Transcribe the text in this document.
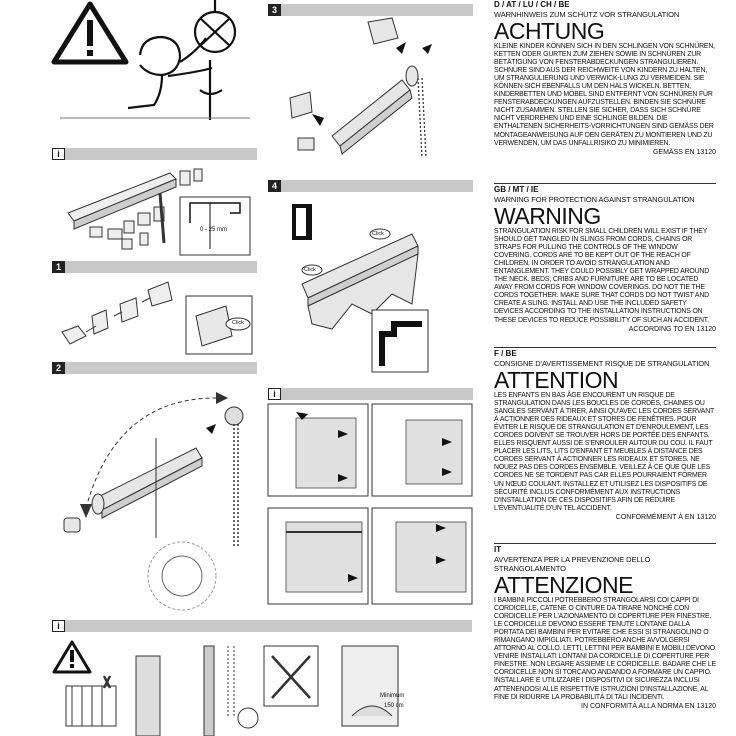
i
0 - 25 mm
1
Click
2
3
4
Click
Click
i
i
Minimum
150 cm
D / AT / LU / CH / BE
WARNHINWEIS ZUM SCHUTZ VOR STRANGULATION
ACHTUNG
KLEINE KINDER KÖNNEN SICH IN DEN SCHLINGEN VON SCHNÜREN, KETTEN ODER GURTEN ZUM ZIEHEN SOWIE IN SCHNÜREN ZUR BETÄTIGUNG VON FENSTERABDECKUNGEN STRANGULIEREN. SCHNÜRE SIND AUS DER REICHWEITE VON KINDERN ZU HALTEN, UM STRANGULIERUNG UND VERWICK-LUNG ZU VERMEIDEN. SIE KÖNNEN SICH EBENFALLS UM DEN HALS WICKELN. BETTEN, KINDERBETTEN UND MÖBEL SIND ENTFERNT VON SCHNÜREN FÜR FENSTERABDECKUNGEN AUFZUSTELLEN. BINDEN SIE SCHNÜRE NICHT ZUSAMMEN. STELLEN SIE SICHER, DASS SICH SCHNÜRE NICHT VERDREHEN UND EINE SCHLINGE BILDEN. DIE ENTHALTENEN SICHERHEITS-VORRICHTUNGEN SIND GEMÄSS DER MONTAGEANWEISUNG AUF DEN GERÄTEN ZU MONTIEREN UND ZU VERWENDEN, UM DAS UNFALLRISIKO ZU MINIMIEREN.
GEMÄSS EN 13120
GB / MT / IE
WARNING FOR PROTECTION AGAINST STRANGULATION
WARNING
STRANGULATION RISK FOR SMALL CHILDREN WILL EXIST IF THEY SHOULD GET TANGLED IN SLINGS FROM CORDS, CHAINS OR STRAPS FOR PULLING THE CONTROLS OF THE WINDOW COVERING. CORDS ARE TO BE KEPT OUT OF THE REACH OF CHILDREN, IN ORDER TO AVOID STRANGULATION AND ENTANGLEMENT. THEY COULD POSSIBLY GET WRAPPED AROUND THE NECK. BEDS, CRIBS AND FURNITURE ARE TO BE LOCATED AWAY FROM CORDS FOR WINDOW COVERINGS. DO NOT TIE THE CORDS TOGETHER. MAKE SURE THAT CORDS DO NOT TWIST AND CREATE A SLING. INSTALL AND USE THE INCLUDED SAFETY DEVICES ACCORDING TO THE INSTALLATION INSTRUCTIONS ON THESE DEVICES TO REDUCE POSSIBILITY OF SUCH AN ACCIDENT.
ACCORDING TO EN 13120
F / BE
CONSIGNE D'AVERTISSEMENT RISQUE DE STRANGULATION
ATTENTION
LES ENFANTS EN BAS ÂGE ENCOURENT UN RISQUE DE STRANGULATION DANS LES BOUCLES DE CORDES, CHAINES OU SANGLES SERVANT À TIRER, AINSI QU'AVEC LES CORDES SERVANT À ACTIONNER DES RIDEAUX ET STORES DE FENÊTRES. POUR ÉVITER LE RISQUE DE STRANGULATION ET D'ENROULEMENT, LES CORDES DOIVENT SE TROUVER HORS DE PORTÉE DES ENFANTS. ELLES RISQUENT AUSSI DE S'ENROULER AUTOUR DU COU. IL FAUT PLACER LES LITS, LITS D'ENFANT ET MEUBLES À DISTANCE DES CORDES SERVANT À ACTIONNER LES RIDEAUX ET STORES. NE NOUEZ PAS DES CORDES ENSEMBLE. VEILLEZ À CE QUE QUE LES CORDES NE SE TORDENT PAS CAR ELLES POURRAIENT FORMER UN NŒUD COULANT. INSTALLEZ ET UTILISEZ LES DISPOSITIFS DE SÉCURITÉ INCLUS CONFORMÉMENT AUX INSTRUCTIONS D'INSTALLATION DE CES DISPOSITIFS AFIN DE RÉDUIRE L'ÉVENTUALITÉ D'UN TEL ACCIDENT.
CONFORMÉMENT À EN 13120
IT
AVVERTENZA PER LA PREVENZIONE DELLO STRANGOLAMENTO
ATTENZIONE
I BAMBINI PICCOLI POTREBBERO STRANGOLARSI COI CAPPI DI CORDICELLE, CATENE O CINTURE DA TIRARE NONCHÉ CON CORDICELLE PER L'AZIONAMENTO DI COPERTURE PER FINESTRE. LE CORDICELLE DEVONO ESSERE TENUTE LONTANE DALLA PORTATA DEI BAMBINI PER EVITARE CHE ESSI SI STRANGOLINO O RIMANGANO IMPIGLIATI. POTREBBERO ANCHE AVVOLGERSI ATTORNO AL COLLO. LETTI, LETTINI PER BAMBINI E MOBILI DEVONO VENIRE INSTALLATI LONTANI DA CORDICELLE DI COPERTURE PER FINESTRE. NON LEGARE ASSIEME LE CORDICELLE. BADARE CHE LE CORDICELLE NON SI TORCANO ANDANDO A FORMARE UN CAPPIO. INSTALLARE E UTILIZZARE I DISPOSITIVI DI SICUREZZA INCLUSI ATTENENDOSI ALLE RISPETTIVE ISTRUZIONI D'INSTALLAZIONE, AL FINE DI RIDURRE LA PROBABILITÀ DI TALI INCIDENTI.
IN CONFORMITÀ ALLA NORMA EN 13120
